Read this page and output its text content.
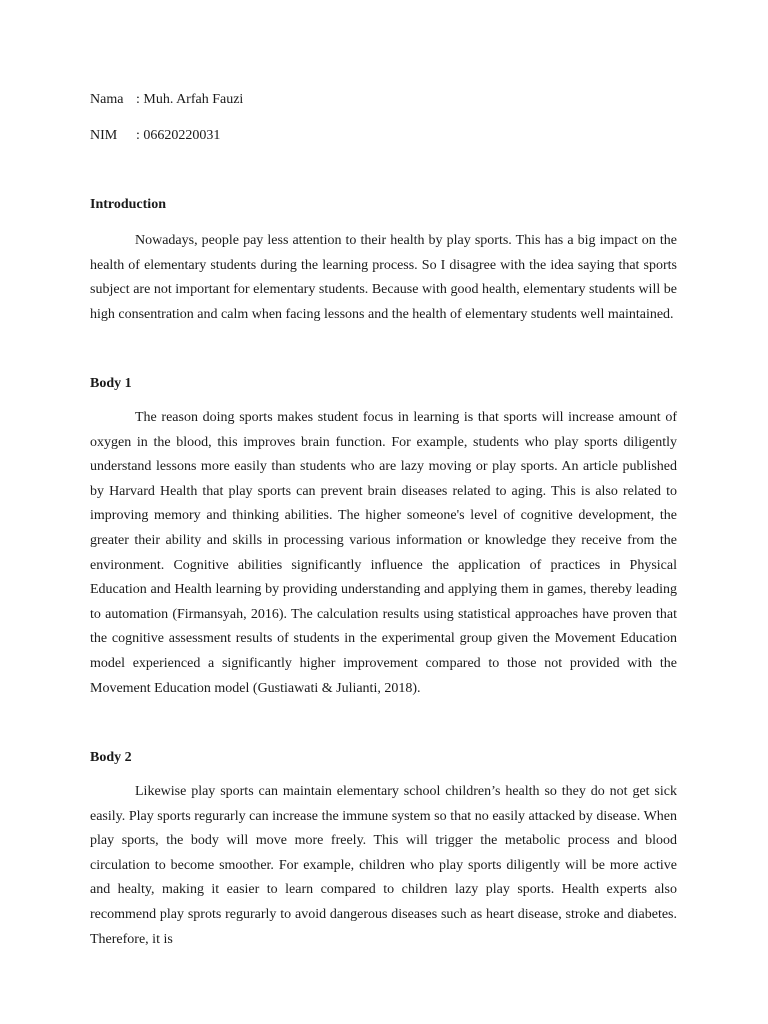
Nama : Muh. Arfah Fauzi
NIM : 06620220031
Introduction

Nowadays, people pay less attention to their health by play sports. This has a big impact on the health of elementary students during the learning process. So I disagree with the idea saying that sports subject are not important for elementary students. Because with good health, elementary students will be high consentration and calm when facing lessons and the health of elementary students well maintained.

Body 1

The reason doing sports makes student focus in learning is that sports will increase amount of oxygen in the blood, this improves brain function. For example, students who play sports diligently understand lessons more easily than students who are lazy moving or play sports. An article published by Harvard Health that play sports can prevent brain diseases related to aging. This is also related to improving memory and thinking abilities. The higher someone's level of cognitive development, the greater their ability and skills in processing various information or knowledge they receive from the environment. Cognitive abilities significantly influence the application of practices in Physical Education and Health learning by providing understanding and applying them in games, thereby leading to automation (Firmansyah, 2016). The calculation results using statistical approaches have proven that the cognitive assessment results of students in the experimental group given the Movement Education model experienced a significantly higher improvement compared to those not provided with the Movement Education model (Gustiawati & Julianti, 2018).

Body 2

Likewise play sports can maintain elementary school children’s health so they do not get sick easily. Play sports regurarly can increase the immune system so that no easily attacked by disease. When play sports, the body will move more freely. This will trigger the metabolic process and blood circulation to become smoother. For example, children who play sports diligently will be more active and healty, making it easier to learn compared to children lazy play sports. Health experts also recommend play sprots regurarly to avoid dangerous diseases such as heart disease, stroke and diabetes. Therefore, it is
